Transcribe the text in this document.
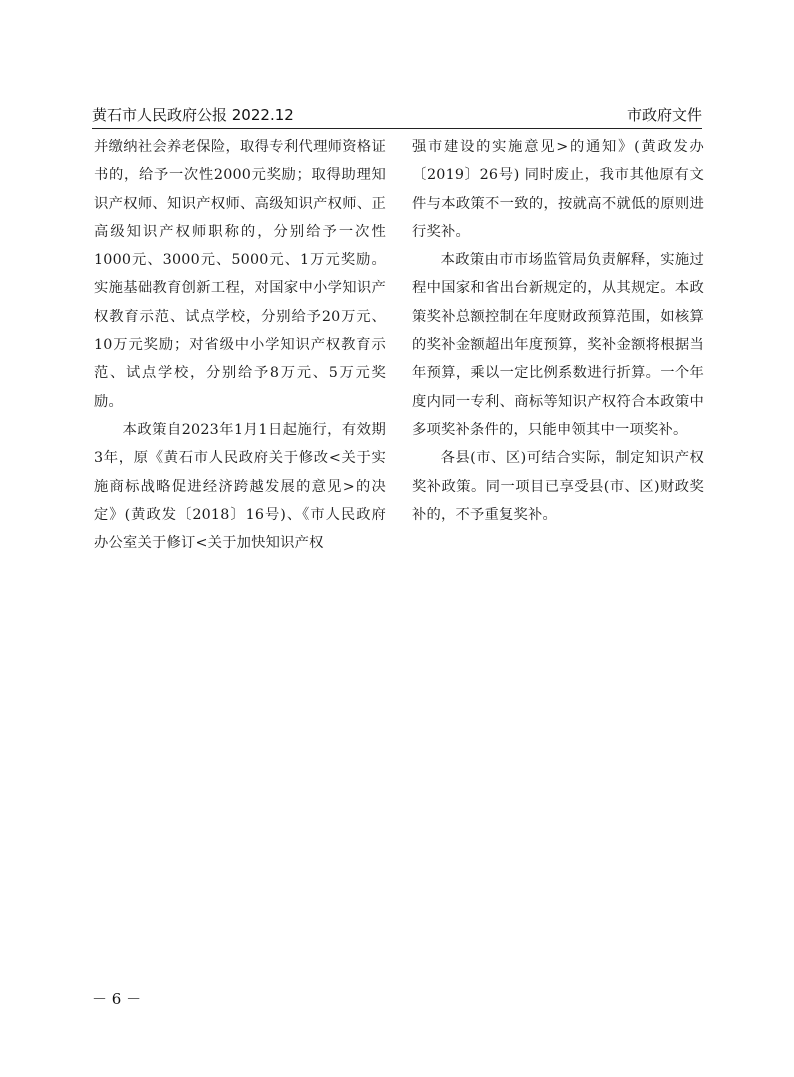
黄石市人民政府公报 2022.12	市政府文件

并缴纳社会养老保险，取得专利代理师资格证书的，给予一次性2000元奖励；取得助理知识产权师、知识产权师、高级知识产权师、正高级知识产权师职称的，分别给予一次性1000元、3000元、5000元、1万元奖励。实施基础教育创新工程，对国家中小学知识产权教育示范、试点学校，分别给予20万元、10万元奖励；对省级中小学知识产权教育示范、试点学校，分别给予8万元、5万元奖励。

本政策自2023年1月1日起施行，有效期3年，原《黄石市人民政府关于修改<关于实施商标战略促进经济跨越发展的意见>的决定》(黄政发〔2018〕16号)、《市人民政府办公室关于修订<关于加快知识产权

强市建设的实施意见>的通知》(黄政发办〔2019〕26号) 同时废止，我市其他原有文件与本政策不一致的，按就高不就低的原则进行奖补。

本政策由市市场监管局负责解释，实施过程中国家和省出台新规定的，从其规定。本政策奖补总额控制在年度财政预算范围，如核算的奖补金额超出年度预算，奖补金额将根据当年预算，乘以一定比例系数进行折算。一个年度内同一专利、商标等知识产权符合本政策中多项奖补条件的，只能申领其中一项奖补。

各县(市、区)可结合实际，制定知识产权奖补政策。同一项目已享受县(市、区)财政奖补的，不予重复奖补。

－ 6 －
